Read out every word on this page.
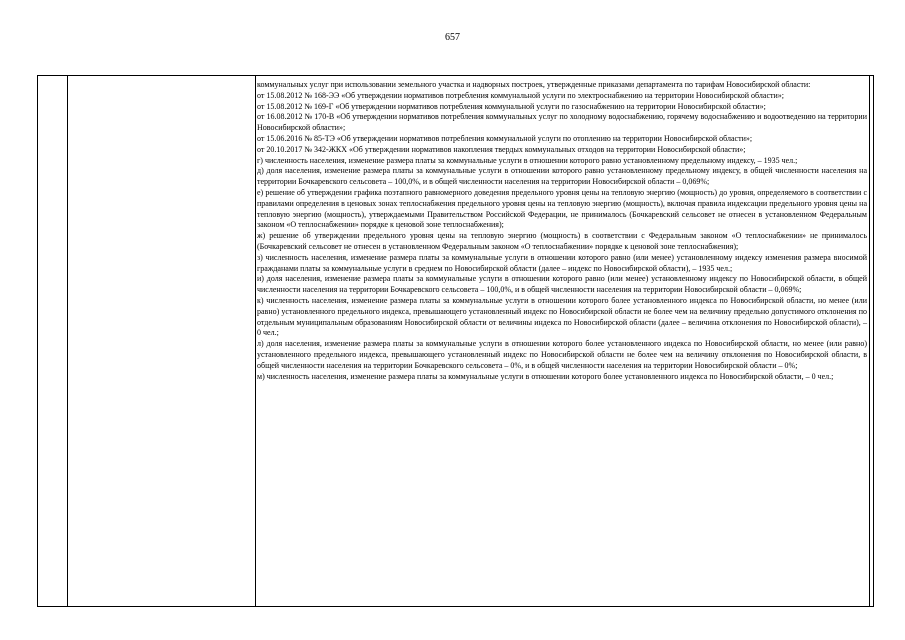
657

коммунальных услуг при использовании земельного участка и надворных построек, утвержденные приказами департамента по тарифам Новосибирской области:

от 15.08.2012 № 168-ЭЭ «Об утверждении нормативов потребления коммунальной услуги по электроснабжению на территории Новосибирской области»;

от 15.08.2012 № 169-Г «Об утверждении нормативов потребления коммунальной услуги по газоснабжению на территории Новосибирской области»;

от 16.08.2012 № 170-В «Об утверждении нормативов потребления коммунальных услуг по холодному водоснабжению, горячему водоснабжению и водоотведению на территории Новосибирской области»;

от 15.06.2016 № 85-ТЭ «Об утверждении нормативов потребления коммунальной услуги по отоплению на территории Новосибирской области»;

от 20.10.2017 № 342-ЖКХ «Об утверждении нормативов накопления твердых коммунальных отходов на территории Новосибирской области»;

г) численность населения, изменение размера платы за коммунальные услуги в отношении которого равно установленному предельному индексу, – 1935 чел.;

д) доля населения, изменение размера платы за коммунальные услуги в отношении которого равно установленному предельному индексу, в общей численности населения на территории Бочкаревского сельсовета – 100,0%, и в общей численности населения на территории Новосибирской области – 0,069%;

е) решение об утверждении графика поэтапного равномерного доведения предельного уровня цены на тепловую энергию (мощность) до уровня, определяемого в соответствии с правилами определения в ценовых зонах теплоснабжения предельного уровня цены на тепловую энергию (мощность), включая правила индексации предельного уровня цены на тепловую энергию (мощность), утверждаемыми Правительством Российской Федерации, не принималось (Бочкаревский сельсовет не отнесен в установленном Федеральным законом «О теплоснабжении» порядке к ценовой зоне теплоснабжения);

ж) решение об утверждении предельного уровня цены на тепловую энергию (мощность) в соответствии с Федеральным законом «О теплоснабжении» не принималось (Бочкаревский сельсовет не отнесен в установленном Федеральным законом «О теплоснабжении» порядке к ценовой зоне теплоснабжения);

з) численность населения, изменение размера платы за коммунальные услуги в отношении которого равно (или менее) установленному индексу изменения размера вносимой гражданами платы за коммунальные услуги в среднем по Новосибирской области (далее – индекс по Новосибирской области), – 1935 чел.;

и) доля населения, изменение размера платы за коммунальные услуги в отношении которого равно (или менее) установленному индексу по Новосибирской области, в общей численности населения на территории Бочкаревского сельсовета – 100,0%, и в общей численности населения на территории Новосибирской области – 0,069%;

к) численность населения, изменение размера платы за коммунальные услуги в отношении которого более установленного индекса по Новосибирской области, но менее (или равно) установленного предельного индекса, превышающего установленный индекс по Новосибирской области не более чем на величину предельно допустимого отклонения по отдельным муниципальным образованиям Новосибирской области от величины индекса по Новосибирской области (далее – величина отклонения по Новосибирской области), – 0 чел.;

л) доля населения, изменение размера платы за коммунальные услуги в отношении которого более установленного индекса по Новосибирской области, но менее (или равно) установленного предельного индекса, превышающего установленный индекс по Новосибирской области не более чем на величину отклонения по Новосибирской области, в общей численности населения на территории Бочкаревского сельсовета – 0%, и в общей численности населения на территории Новосибирской области – 0%;

м) численность населения, изменение размера платы за коммунальные услуги в отношении которого более установленного индекса по Новосибирской области, – 0 чел.;
